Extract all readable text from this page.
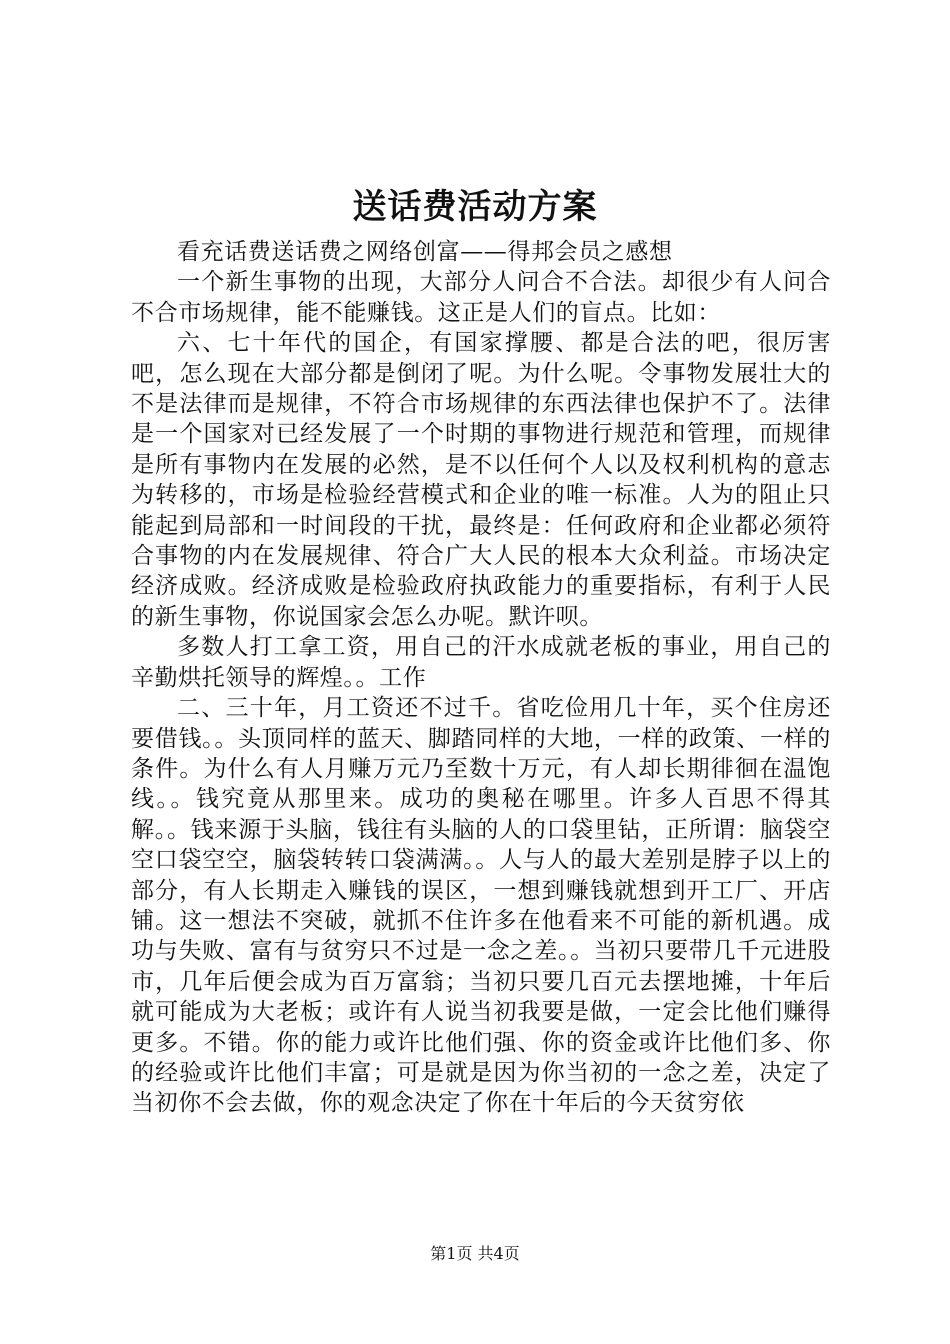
送话费活动方案

看充话费送话费之网络创富——得邦会员之感想

一个新生事物的出现，大部分人问合不合法。却很少有人问合不合市场规律，能不能赚钱。这正是人们的盲点。比如：

六、七十年代的国企，有国家撑腰、都是合法的吧，很厉害吧，怎么现在大部分都是倒闭了呢。为什么呢。令事物发展壮大的不是法律而是规律，不符合市场规律的东西法律也保护不了。法律是一个国家对已经发展了一个时期的事物进行规范和管理，而规律是所有事物内在发展的必然，是不以任何个人以及权利机构的意志为转移的，市场是检验经营模式和企业的唯一标准。人为的阻止只能起到局部和一时间段的干扰，最终是：任何政府和企业都必须符合事物的内在发展规律、符合广大人民的根本大众利益。市场决定经济成败。经济成败是检验政府执政能力的重要指标，有利于人民的新生事物，你说国家会怎么办呢。默许呗。

多数人打工拿工资，用自己的汗水成就老板的事业，用自己的辛勤烘托领导的辉煌。。工作

二、三十年，月工资还不过千。省吃俭用几十年，买个住房还要借钱。。头顶同样的蓝天、脚踏同样的大地，一样的政策、一样的条件。为什么有人月赚万元乃至数十万元，有人却长期徘徊在温饱线。。钱究竟从那里来。成功的奥秘在哪里。许多人百思不得其解。。钱来源于头脑，钱往有头脑的人的口袋里钻，正所谓：脑袋空空口袋空空，脑袋转转口袋满满。。人与人的最大差别是脖子以上的部分，有人长期走入赚钱的误区，一想到赚钱就想到开工厂、开店铺。这一想法不突破，就抓不住许多在他看来不可能的新机遇。成功与失败、富有与贫穷只不过是一念之差。。当初只要带几千元进股市，几年后便会成为百万富翁；当初只要几百元去摆地摊，十年后就可能成为大老板；或许有人说当初我要是做，一定会比他们赚得更多。不错。你的能力或许比他们强、你的资金或许比他们多、你的经验或许比他们丰富；可是就是因为你当初的一念之差，决定了当初你不会去做，你的观念决定了你在十年后的今天贫穷依

第1页 共4页
